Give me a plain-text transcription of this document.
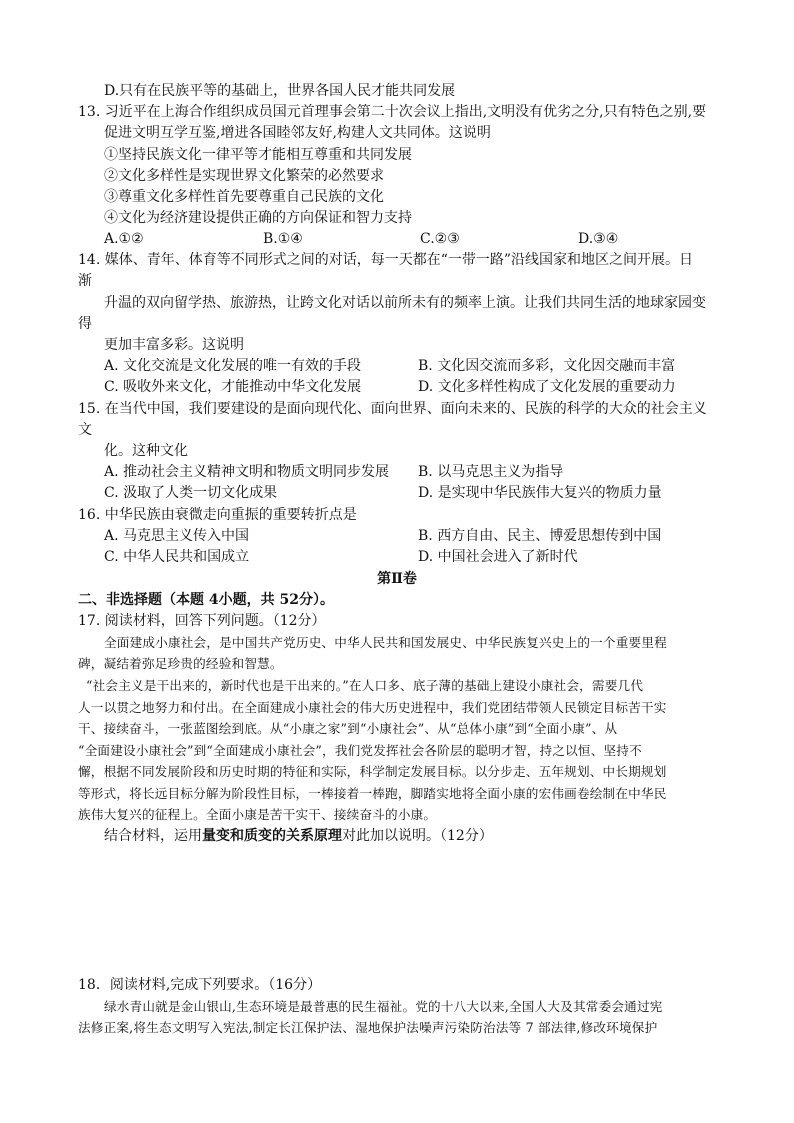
D.只有在民族平等的基础上，世界各国人民才能共同发展
13. 习近平在上海合作组织成员国元首理事会第二十次会议上指出,文明没有优劣之分,只有特色之别,要
促进文明互学互鉴,增进各国睦邻友好,构建人文共同体。这说明
①坚持民族文化一律平等才能相互尊重和共同发展
②文化多样性是实现世界文化繁荣的必然要求
③尊重文化多样性首先要尊重自己民族的文化
④文化为经济建设提供正确的方向保证和智力支持
A.①②	B.①④	C.②③	D.③④
14. 媒体、青年、体育等不同形式之间的对话，每一天都在“一带一路”沿线国家和地区之间开展。日
渐
升温的双向留学热、旅游热，让跨文化对话以前所未有的频率上演。让我们共同生活的地球家园变
得
更加丰富多彩。这说明
A. 文化交流是文化发展的唯一有效的手段	B. 文化因交流而多彩，文化因交融而丰富
C. 吸收外来文化，才能推动中华文化发展	D. 文化多样性构成了文化发展的重要动力
15. 在当代中国，我们要建设的是面向现代化、面向世界、面向未来的、民族的科学的大众的社会主义
文
化。这种文化
A. 推动社会主义精神文明和物质文明同步发展 B. 以马克思主义为指导
C. 汲取了人类一切文化成果	D. 是实现中华民族伟大复兴的物质力量
16. 中华民族由衰微走向重振的重要转折点是
A. 马克思主义传入中国	B. 西方自由、民主、博爱思想传到中国
C. 中华人民共和国成立	D. 中国社会进入了新时代
第Ⅱ卷
二、非选择题（本题 4小题，共 52分）。
17. 阅读材料，回答下列问题。（12分）
全面建成小康社会，是中国共产党历史、中华人民共和国发展史、中华民族复兴史上的一个重要里程
碑，凝结着弥足珍贵的经验和智慧。
“社会主义是干出来的，新时代也是干出来的。”在人口多、底子薄的基础上建设小康社会，需要几代
人一以贯之地努力和付出。在全面建成小康社会的伟大历史进程中，我们党团结带领人民锁定目标苦干实
干、接续奋斗，一张蓝图绘到底。从“小康之家”到“小康社会”、从“总体小康”到“全面小康”、从
“全面建设小康社会”到“全面建成小康社会”，我们党发挥社会各阶层的聪明才智，持之以恒、坚持不
懈，根据不同发展阶段和历史时期的特征和实际，科学制定发展目标。以分步走、五年规划、中长期规划
等形式，将长远目标分解为阶段性目标，一棒接着一棒跑，脚踏实地将全面小康的宏伟画卷绘制在中华民
族伟大复兴的征程上。全面小康是苦干实干、接续奋斗的小康。
结合材料，运用量变和质变的关系原理对此加以说明。（12分）
18．阅读材料,完成下列要求。（16分）
绿水青山就是金山银山,生态环境是最普惠的民生福祉。党的十八大以来,全国人大及其常委会通过宪
法修正案,将生态文明写入宪法,制定长江保护法、湿地保护法噪声污染防治法等 7 部法律,修改环境保护
